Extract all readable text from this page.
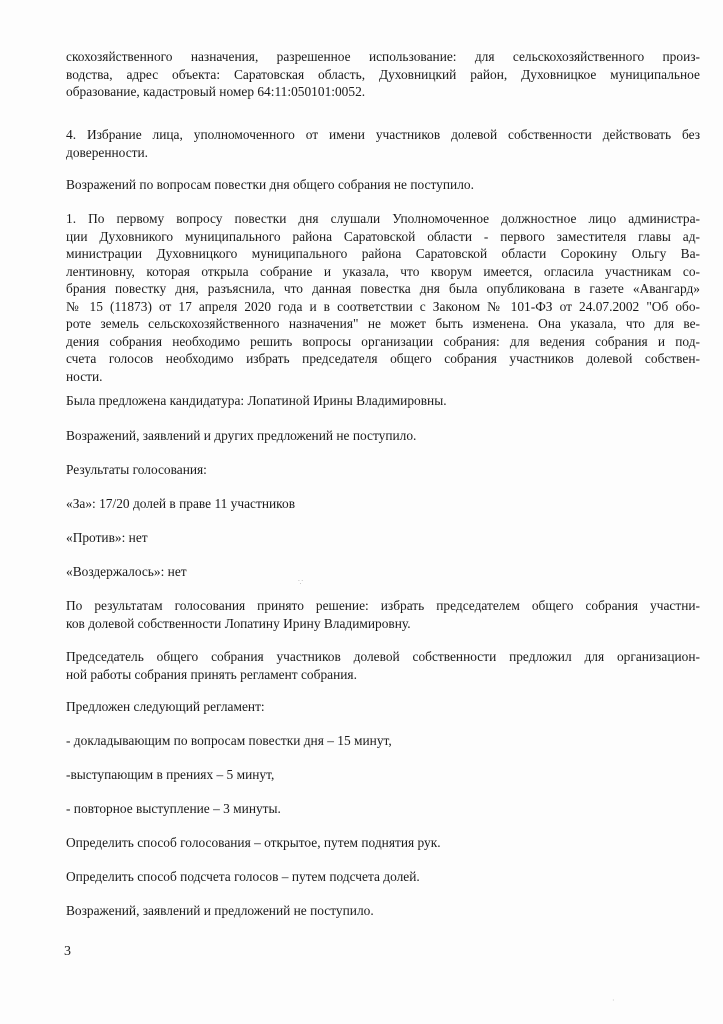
скохозяйственного назначения, разрешенное использование: для сельскохозяйственного произ-
водства, адрес объекта: Саратовская область, Духовницкий район, Духовницкое муниципальное
образование, кадастровый номер 64:11:050101:0052.
4. Избрание лица, уполномоченного от имени участников долевой собственности действовать без
доверенности.
Возражений по вопросам повестки дня общего собрания не поступило.
1. По первому вопросу повестки дня слушали Уполномоченное должностное лицо администра-
ции Духовникого муниципального района Саратовской области - первого заместителя главы ад-
министрации Духовницкого муниципального района Саратовской области Сорокину Ольгу Ва-
лентиновну, которая открыла собрание и указала, что кворум имеется, огласила участникам со-
брания повестку дня, разъяснила, что данная повестка дня была опубликована в газете «Авангард»
№ 15 (11873) от 17 апреля 2020 года и в соответствии с Законом № 101-ФЗ от 24.07.2002 "Об обо-
роте земель сельскохозяйственного назначения" не может быть изменена. Она указала, что для ве-
дения собрания необходимо решить вопросы организации собрания: для ведения собрания и под-
счета голосов необходимо избрать председателя общего собрания участников долевой собствен-
ности.
Была предложена кандидатура: Лопатиной Ирины Владимировны.
Возражений, заявлений и других предложений не поступило.
Результаты голосования:
«За»: 17/20 долей в праве 11 участников
«Против»: нет
«Воздержалось»: нет
По результатам голосования принято решение: избрать председателем общего собрания участни-
ков долевой собственности Лопатину Ирину Владимировну.
Председатель общего собрания участников долевой собственности предложил для организацион-
ной работы собрания принять регламент собрания.
Предложен следующий регламент:
- докладывающим по вопросам повестки дня – 15 минут,
-выступающим в прениях – 5 минут,
- повторное выступление – 3 минуты.
Определить способ голосования – открытое, путем поднятия рук.
Определить способ подсчета голосов – путем подсчета долей.
Возражений, заявлений и предложений не поступило.
3
∵
·
